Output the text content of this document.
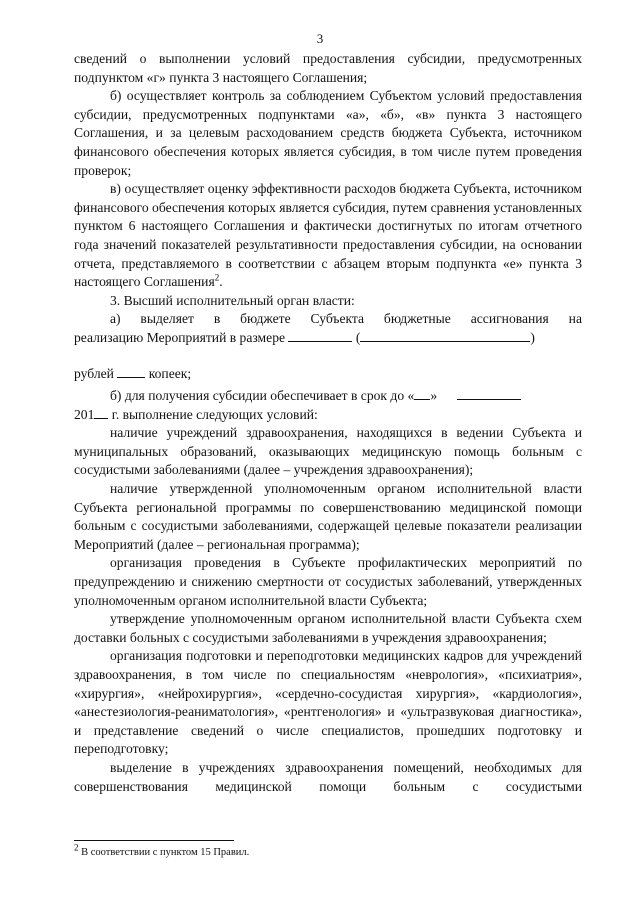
3

сведений о выполнении условий предоставления субсидии, предусмотренных подпунктом «г» пункта 3 настоящего Соглашения;

б) осуществляет контроль за соблюдением Субъектом условий предоставления субсидии, предусмотренных подпунктами «а», «б», «в» пункта 3 настоящего Соглашения, и за целевым расходованием средств бюджета Субъекта, источником финансового обеспечения которых является субсидия, в том числе путем проведения проверок;

в) осуществляет оценку эффективности расходов бюджета Субъекта, источником финансового обеспечения которых является субсидия, путем сравнения установленных пунктом 6 настоящего Соглашения и фактически достигнутых по итогам отчетного года значений показателей результативности предоставления субсидии, на основании отчета, представляемого в соответствии с абзацем вторым подпункта «е» пункта 3 настоящего Соглашения$^2$.

3. Высший исполнительный орган власти:

а) выделяет в бюджете Субъекта бюджетные ассигнования на

реализацию Мероприятий в размере	(	)

рублей	копеек;

б) для получения субсидии обеспечивает в срок до « »

201 г. выполнение следующих условий:

наличие учреждений здравоохранения, находящихся в ведении Субъекта и муниципальных образований, оказывающих медицинскую помощь больным с сосудистыми заболеваниями (далее – учреждения здравоохранения);

наличие утвержденной уполномоченным органом исполнительной власти Субъекта региональной программы по совершенствованию медицинской помощи больным с сосудистыми заболеваниями, содержащей целевые показатели реализации Мероприятий (далее – региональная программа);

организация проведения в Субъекте профилактических мероприятий по предупреждению и снижению смертности от сосудистых заболеваний, утвержденных уполномоченным органом исполнительной власти Субъекта;

утверждение уполномоченным органом исполнительной власти Субъекта схем доставки больных с сосудистыми заболеваниями в учреждения здравоохранения;

организация подготовки и переподготовки медицинских кадров для учреждений здравоохранения, в том числе по специальностям «неврология», «психиатрия», «хирургия», «нейрохирургия», «сердечно-сосудистая хирургия», «кардиология», «анестезиология-реаниматология», «рентгенология» и «ультразвуковая диагностика», и представление сведений о числе специалистов, прошедших подготовку и переподготовку;

выделение в учреждениях здравоохранения помещений, необходимых для совершенствования медицинской помощи больным с сосудистыми

$^2$ В соответствии с пунктом 15 Правил.
